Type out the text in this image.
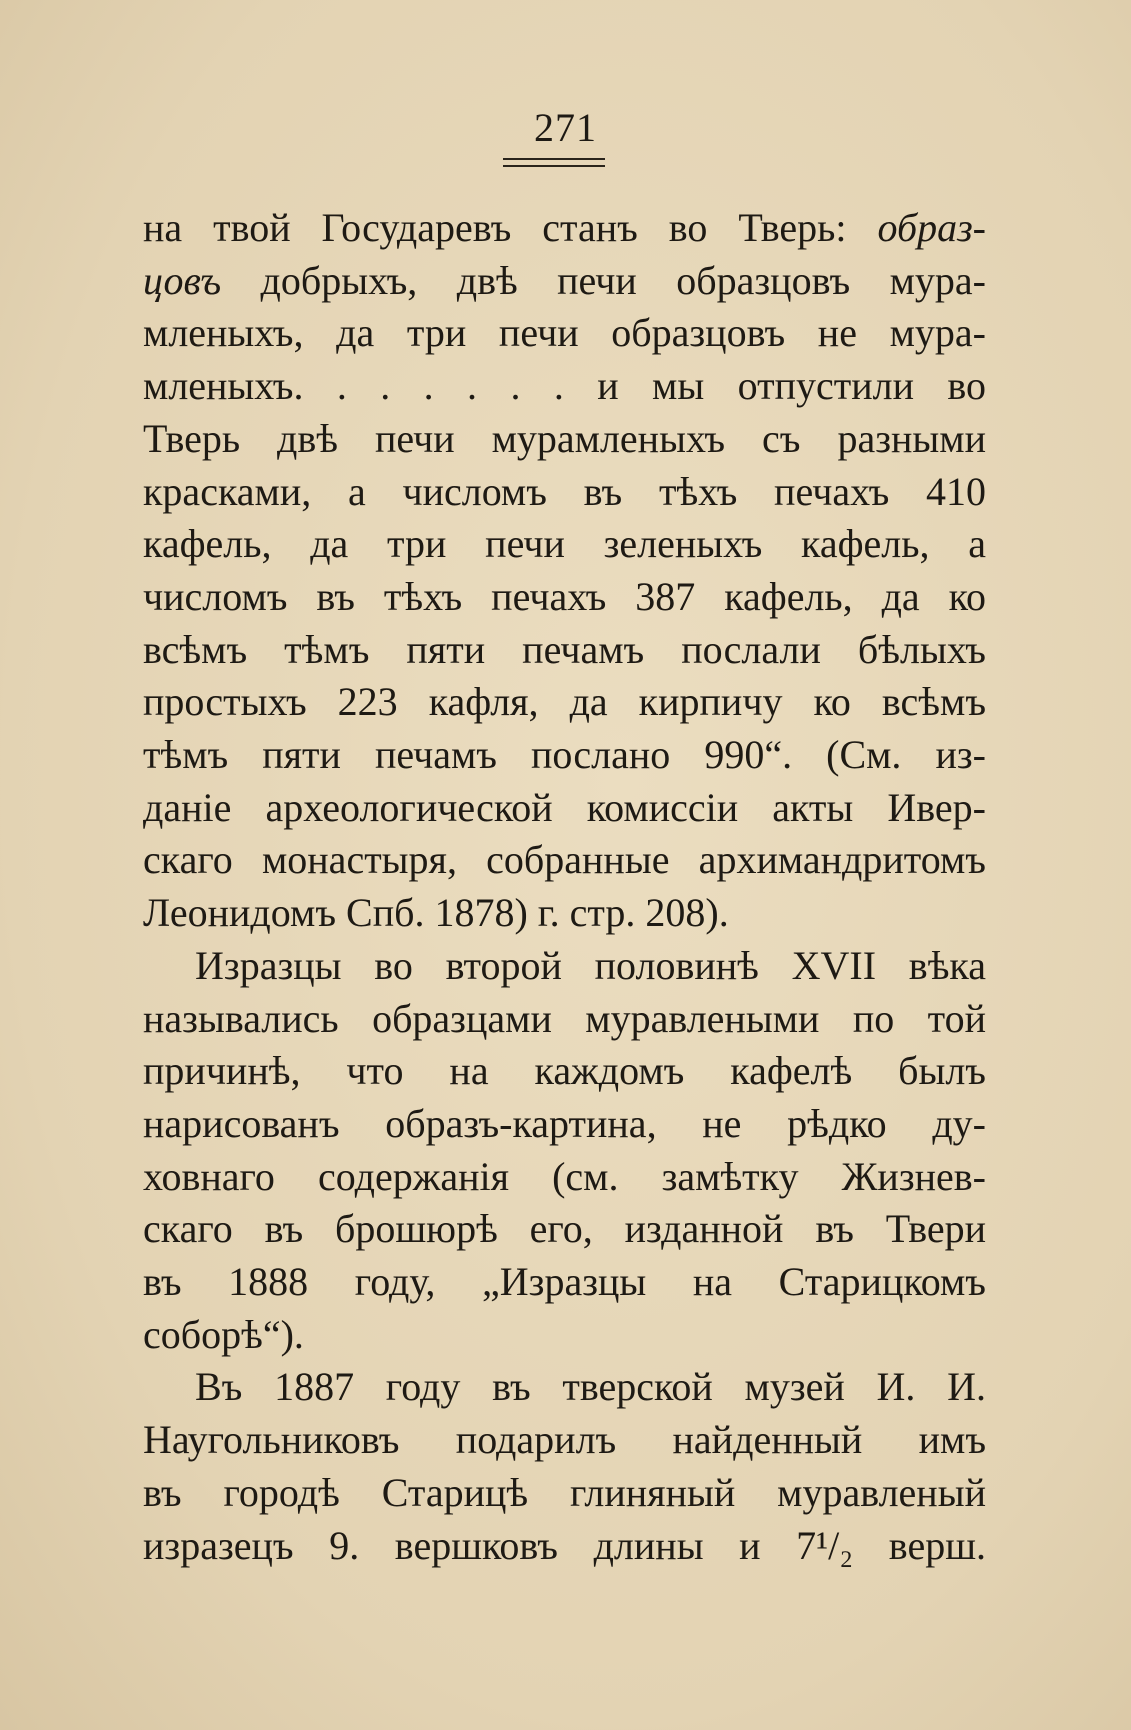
271
на твой Государевъ станъ во Тверь: образ-
цовъ добрыхъ, двѣ печи образцовъ мура-
мленыхъ, да три печи образцовъ не мура-
мленыхъ. . . . . . . и мы отпустили во
Тверь двѣ печи мурамленыхъ съ разными
красками, а числомъ въ тѣхъ печахъ 410
кафель, да три печи зеленыхъ кафель, а
числомъ въ тѣхъ печахъ 387 кафель, да ко
всѣмъ тѣмъ пяти печамъ послали бѣлыхъ
простыхъ 223 кафля, да кирпичу ко всѣмъ
тѣмъ пяти печамъ послано 990“. (См. из-
даніе археологической комиссіи акты Ивер-
скаго монастыря, собранные архимандритомъ
Леонидомъ Спб. 1878) г. стр. 208).
Изразцы во второй половинѣ XVII вѣка
назывались образцами муравлеными по той
причинѣ, что на каждомъ кафелѣ былъ
нарисованъ образъ-картина, не рѣдко ду-
ховнаго содержанія (см. замѣтку Жизнев-
скаго въ брошюрѣ его, изданной въ Твери
въ 1888 году, „Изразцы на Старицкомъ
соборѣ“).
Въ 1887 году въ тверской музей И. И.
Наугольниковъ подарилъ найденный имъ
въ городѣ Старицѣ глиняный муравленый
изразецъ 9. вершковъ длины и 7¹/₂ верш.
